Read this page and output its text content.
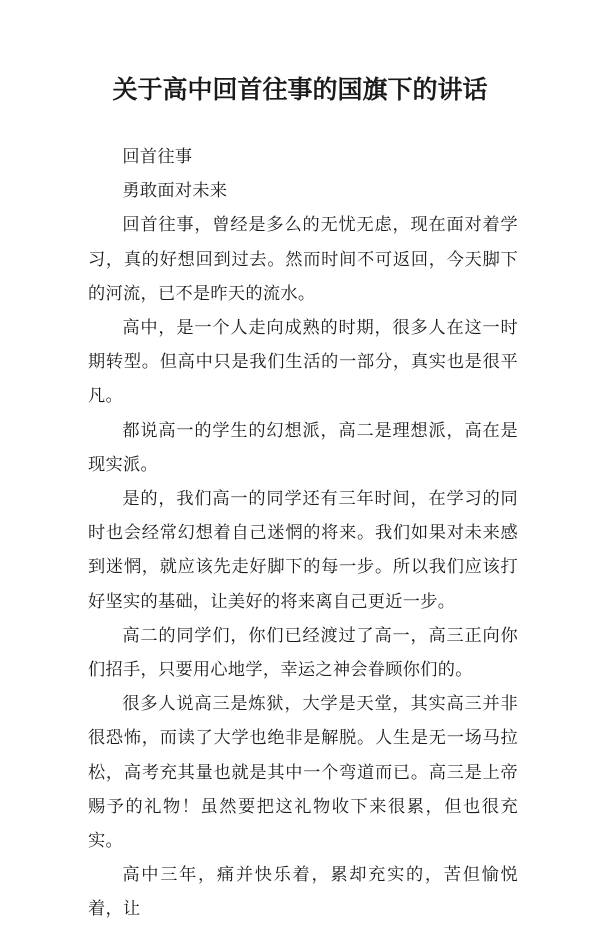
关于高中回首往事的国旗下的讲话

回首往事

勇敢面对未来

回首往事，曾经是多么的无忧无虑，现在面对着学习，真的好想回到过去。然而时间不可返回，今天脚下的河流，已不是昨天的流水。

高中，是一个人走向成熟的时期，很多人在这一时期转型。但高中只是我们生活的一部分，真实也是很平凡。

都说高一的学生的幻想派，高二是理想派，高在是现实派。

是的，我们高一的同学还有三年时间，在学习的同时也会经常幻想着自己迷惘的将来。我们如果对未来感到迷惘，就应该先走好脚下的每一步。所以我们应该打好坚实的基础，让美好的将来离自己更近一步。

高二的同学们，你们已经渡过了高一，高三正向你们招手，只要用心地学，幸运之神会眷顾你们的。

很多人说高三是炼狱，大学是天堂，其实高三并非很恐怖，而读了大学也绝非是解脱。人生是无一场马拉松，高考充其量也就是其中一个弯道而已。高三是上帝赐予的礼物！虽然要把这礼物收下来很累，但也很充实。

高中三年，痛并快乐着，累却充实的，苦但愉悦着，让
